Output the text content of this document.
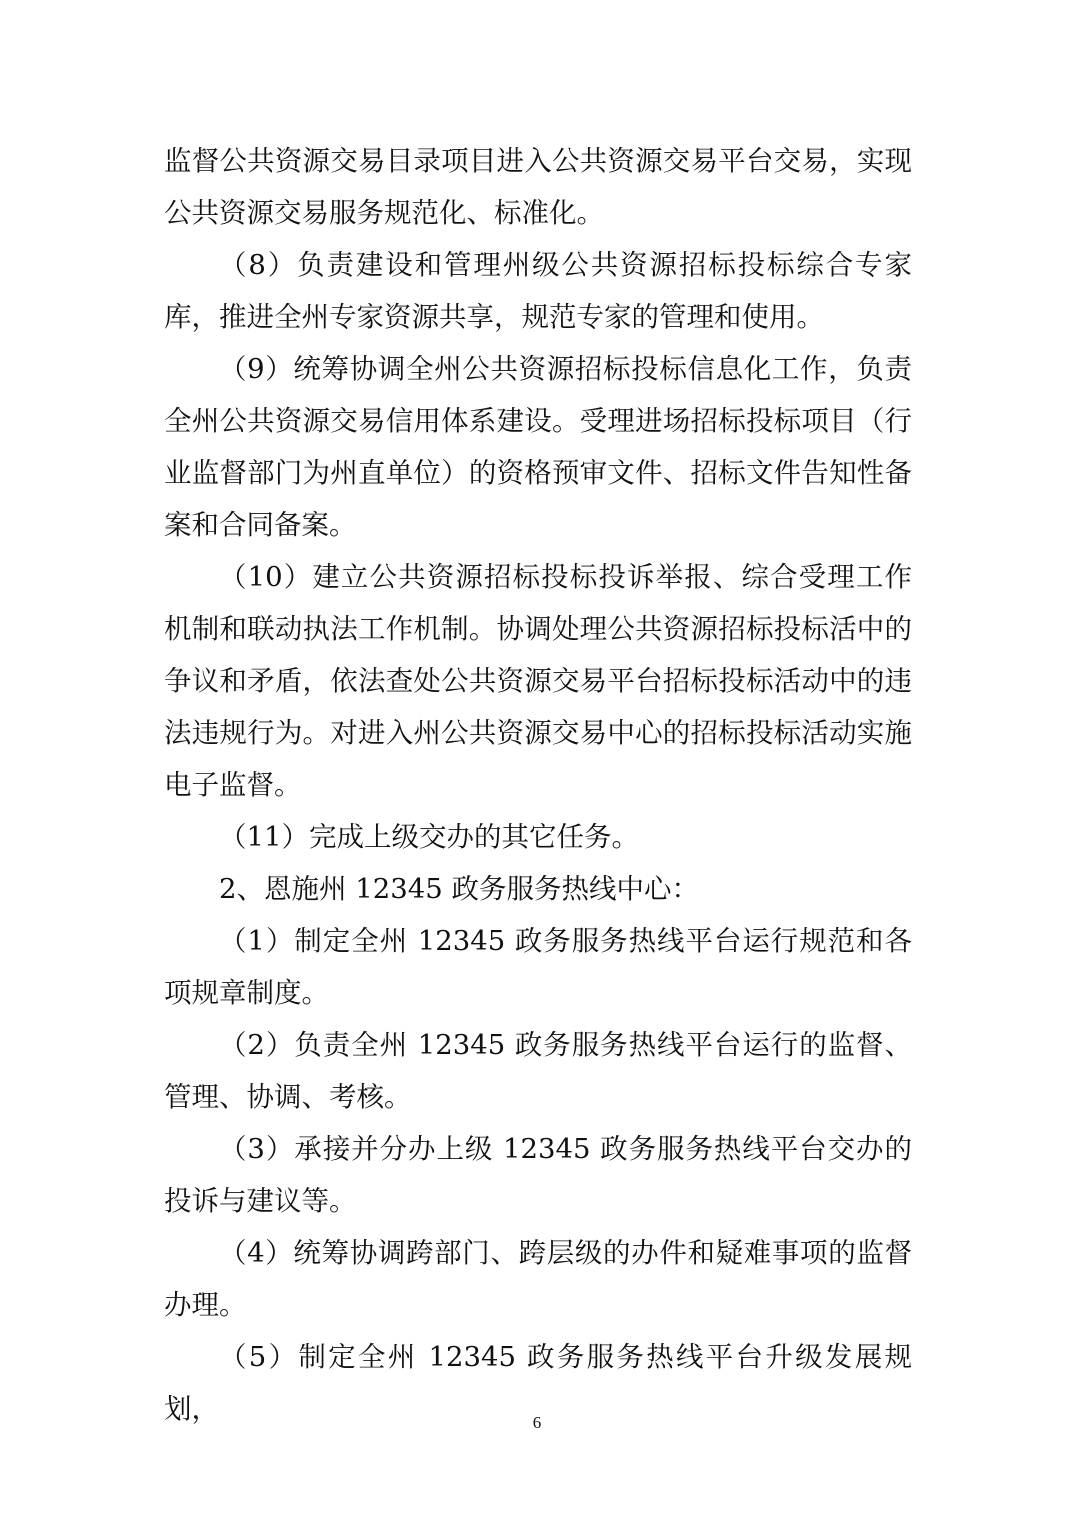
监督公共资源交易目录项目进入公共资源交易平台交易，实现公共资源交易服务规范化、标准化。

（8）负责建设和管理州级公共资源招标投标综合专家库，推进全州专家资源共享，规范专家的管理和使用。

（9）统筹协调全州公共资源招标投标信息化工作，负责全州公共资源交易信用体系建设。受理进场招标投标项目（行业监督部门为州直单位）的资格预审文件、招标文件告知性备案和合同备案。

（10）建立公共资源招标投标投诉举报、综合受理工作机制和联动执法工作机制。协调处理公共资源招标投标活中的争议和矛盾，依法查处公共资源交易平台招标投标活动中的违法违规行为。对进入州公共资源交易中心的招标投标活动实施电子监督。

（11）完成上级交办的其它任务。

2、恩施州 12345 政务服务热线中心：

（1）制定全州 12345 政务服务热线平台运行规范和各项规章制度。

（2）负责全州 12345 政务服务热线平台运行的监督、管理、协调、考核。

（3）承接并分办上级 12345 政务服务热线平台交办的投诉与建议等。

（4）统筹协调跨部门、跨层级的办件和疑难事项的监督办理。

（5）制定全州 12345 政务服务热线平台升级发展规划，	6
